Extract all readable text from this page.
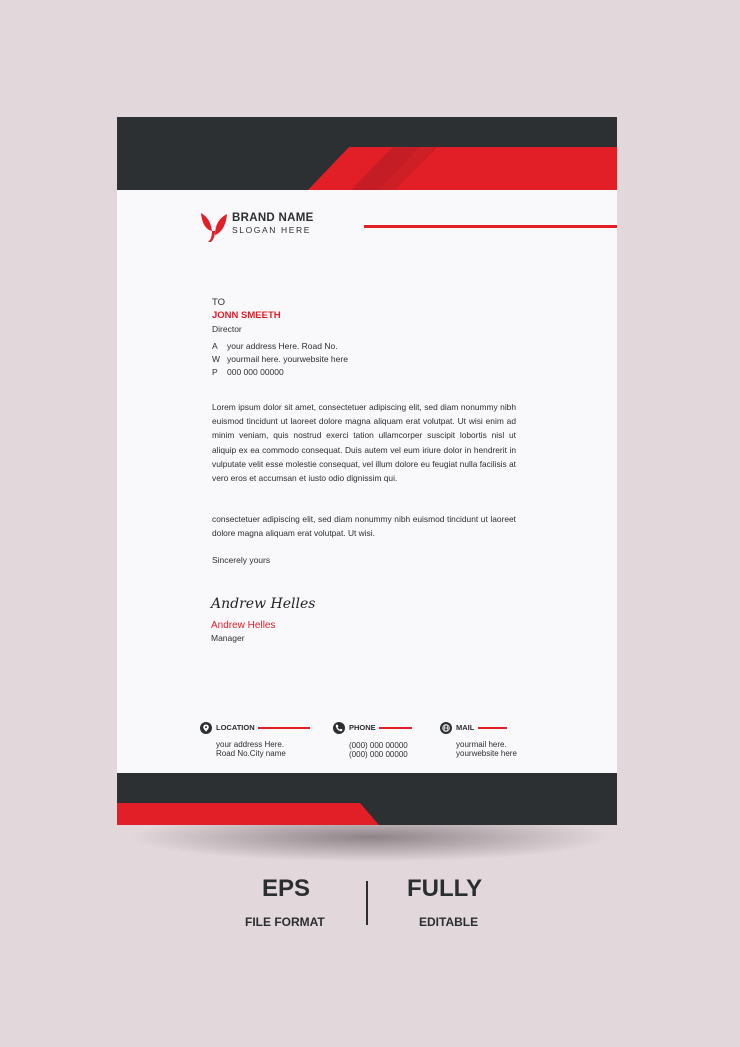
BRAND NAME
SLOGAN HERE
TO
JONN SMEETH
Director
A your address Here. Road No.
W yourmail here. yourwebsite here
P 000 000 00000

Lorem ipsum dolor sit amet, consectetuer adipiscing elit, sed diam nonummy nibh euismod tincidunt ut laoreet dolore magna aliquam erat volutpat. Ut wisi enim ad minim veniam, quis nostrud exerci tation ullamcorper suscipit lobortis nisl ut aliquip ex ea commodo consequat. Duis autem vel eum iriure dolor in hendrerit in vulputate velit esse molestie consequat, vel illum dolore eu feugiat nulla facilisis at vero eros et accumsan et iusto odio dignissim qui.

consectetuer adipiscing elit, sed diam nonummy nibh euismod tincidunt ut laoreet dolore magna aliquam erat volutpat. Ut wisi.

Sincerely yours
Andrew Helles
Andrew Helles
Manager
LOCATION
your address Here.
Road No.City name
PHONE
(000) 000 00000
(000) 000 00000
MAIL
yourmail here.
yourwebsite here
EPS
FILE FORMAT
FULLY
EDITABLE
